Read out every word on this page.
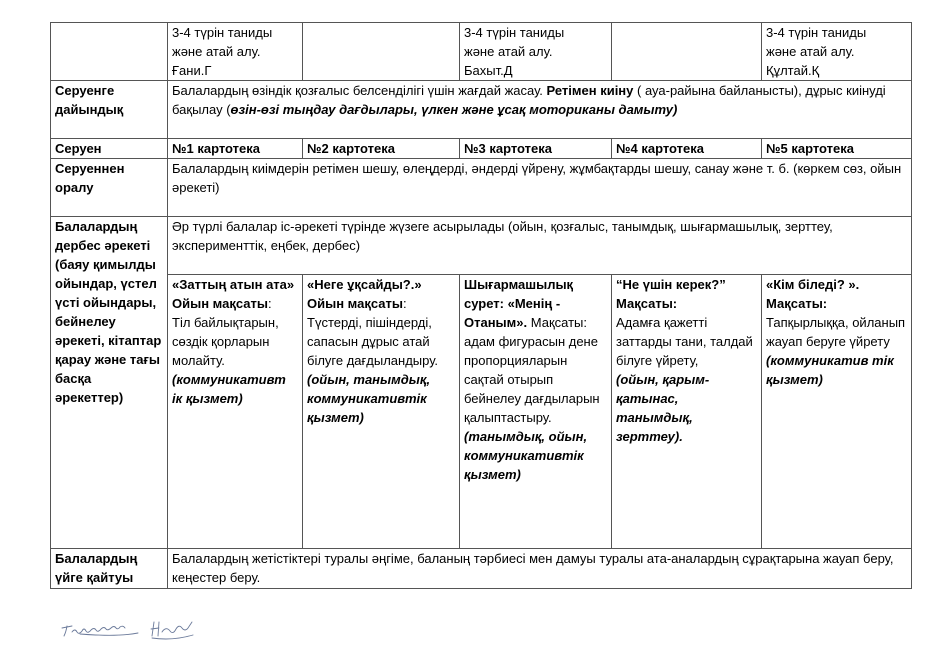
	3-4 түрін таниды
және атай алу.
Ғани.Г		3-4 түрін таниды
және атай алу.
Бахыт.Д		3-4 түрін таниды
және атай алу.
Құлтай.Қ
Серуенге дайындық	Балалардың өзіндік қозғалыс белсенділігі үшін жағдай жасау. Ретімен киіну ( ауа-райына байланысты), дұрыс киінуді бақылау (өзін-өзі тыңдау дағдылары, үлкен және ұсақ моториканы дамыту)				
Серуен	№1 картотека	№2 картотека	№3 картотека	№4 картотека	№5 картотека
Серуеннен оралу	Балалардың киімдерін ретімен шешу, өлеңдерді, әндерді үйрену, жұмбақтарды шешу, санау және т. б. (көркем сөз, ойын әрекеті)				
Балалардың дербес әрекеті (баяу қимылды ойындар, үстел үсті ойындары, бейнелеу әрекеті, кітаптар қарау және тағы басқа әрекеттер)	Әр түрлі балалар іс-әрекеті түрінде жүзеге асырылады (ойын, қозғалыс, танымдық, шығармашылық, зерттеу, эксперименттік, еңбек, дербес)				

	«Заттың атын ата»
Ойын мақсаты:
Тіл байлықтарын, сөздік қорларын молайту.
(коммуникативт ік қызмет)	«Неге ұқсайды?.»
Ойын мақсаты:
Түстерді, пішіндерді, сапасын дұрыс атай білуге дағдыландыру.
(ойын, танымдық, коммуникативтік қызмет)	Шығармашылық сурет: «Менің - Отаным». Мақсаты: адам фигурасын дене пропорцияларын сақтай отырып бейнелеу дағдыларын қалыптастыру.
(танымдық, ойын, коммуникативтік қызмет)	“Не үшін керек?”
Мақсаты:
Адамға қажетті заттарды тани, талдай білуге үйрету,
(ойын, қарым-қатынас, танымдық, зерттеу).	«Кім біледі? ».
Мақсаты:
Тапқырлыққа, ойланып жауап беруге үйрету
(коммуникатив тік қызмет)

Балалардың үйге қайтуы	Балалардың жетістіктері туралы әңгіме, баланың тәрбиесі мен дамуы туралы ата-аналардың сұрақтарына жауап беру, кеңестер беру.				
